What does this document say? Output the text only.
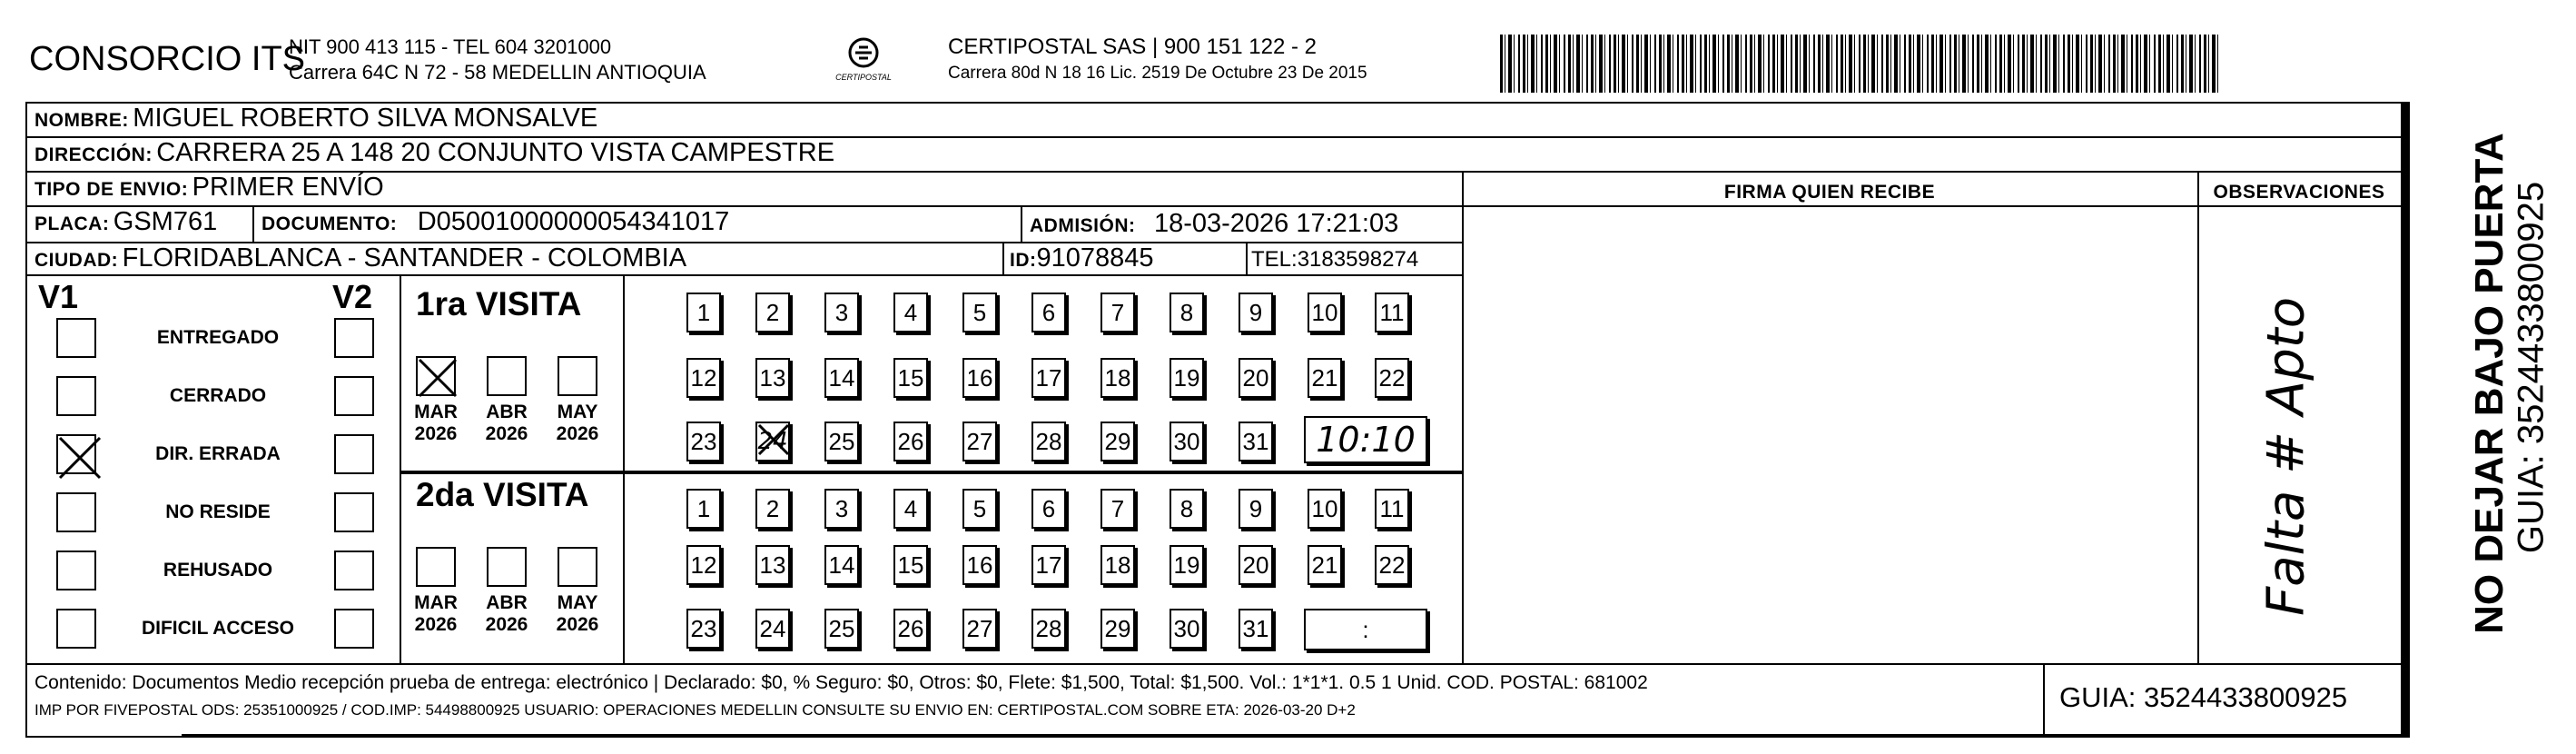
CONSORCIO ITS
NIT 900 413 115 - TEL 604 3201000
Carrera 64C N 72 - 58 MEDELLIN ANTIOQUIA	CERTIPOSTAL
CERTIPOSTAL SAS | 900 151 122 - 2
Carrera 80d N 18 16 Lic. 2519 De Octubre 23 De 2015
NOMBRE: MIGUEL ROBERTO SILVA MONSALVE
DIRECCIÓN: CARRERA 25 A 148 20 CONJUNTO VISTA CAMPESTRE
TIPO DE ENVIO: PRIMER ENVÍO	FIRMA QUIEN RECIBE	OBSERVACIONES
Falta # Apto
PLACA: GSM761 DOCUMENTO: D05001000000054341017	ADMISIÓN: 18-03-2026 17:21:03
CIUDAD: FLORIDABLANCA - SANTANDER - COLOMBIA	ID:91078845	TEL:3183598274
V1	V2
ENTREGADO
CERRADO
DIR. ERRADA
NO RESIDE
REHUSADO
DIFICIL ACCESO
1ra VISITA
MAR
2026
ABR
2026
MAY
2026
1	2	3	4	5	6	7	8	9	10 11
12 13 14 15 16 17 18 19 20 21 22
23 24 25 26 27 28 29 30 31	10:10
2da VISITA
MAR
2026
ABR
2026
MAY
2026
1	2	3	4	5	6	7	8	9	10 11
12 13 14 15 16 17 18 19 20 21 22
23 24 25 26 27 28 29 30 31	:
Contenido: Documentos Medio recepción prueba de entrega: electrónico | Declarado: $0, % Seguro: $0, Otros: $0, Flete: $1,500, Total: $1,500. Vol.: 1*1*1. 0.5 1 Unid. COD. POSTAL: 681002
IMP POR FIVEPOSTAL ODS: 25351000925 / COD.IMP: 54498800925 USUARIO: OPERACIONES MEDELLIN CONSULTE SU ENVIO EN: CERTIPOSTAL.COM SOBRE ETA: 2026-03-20 D+2	GUIA: 3524433800925
NO DEJAR BAJO PUERTA GUIA: 3524433800925
